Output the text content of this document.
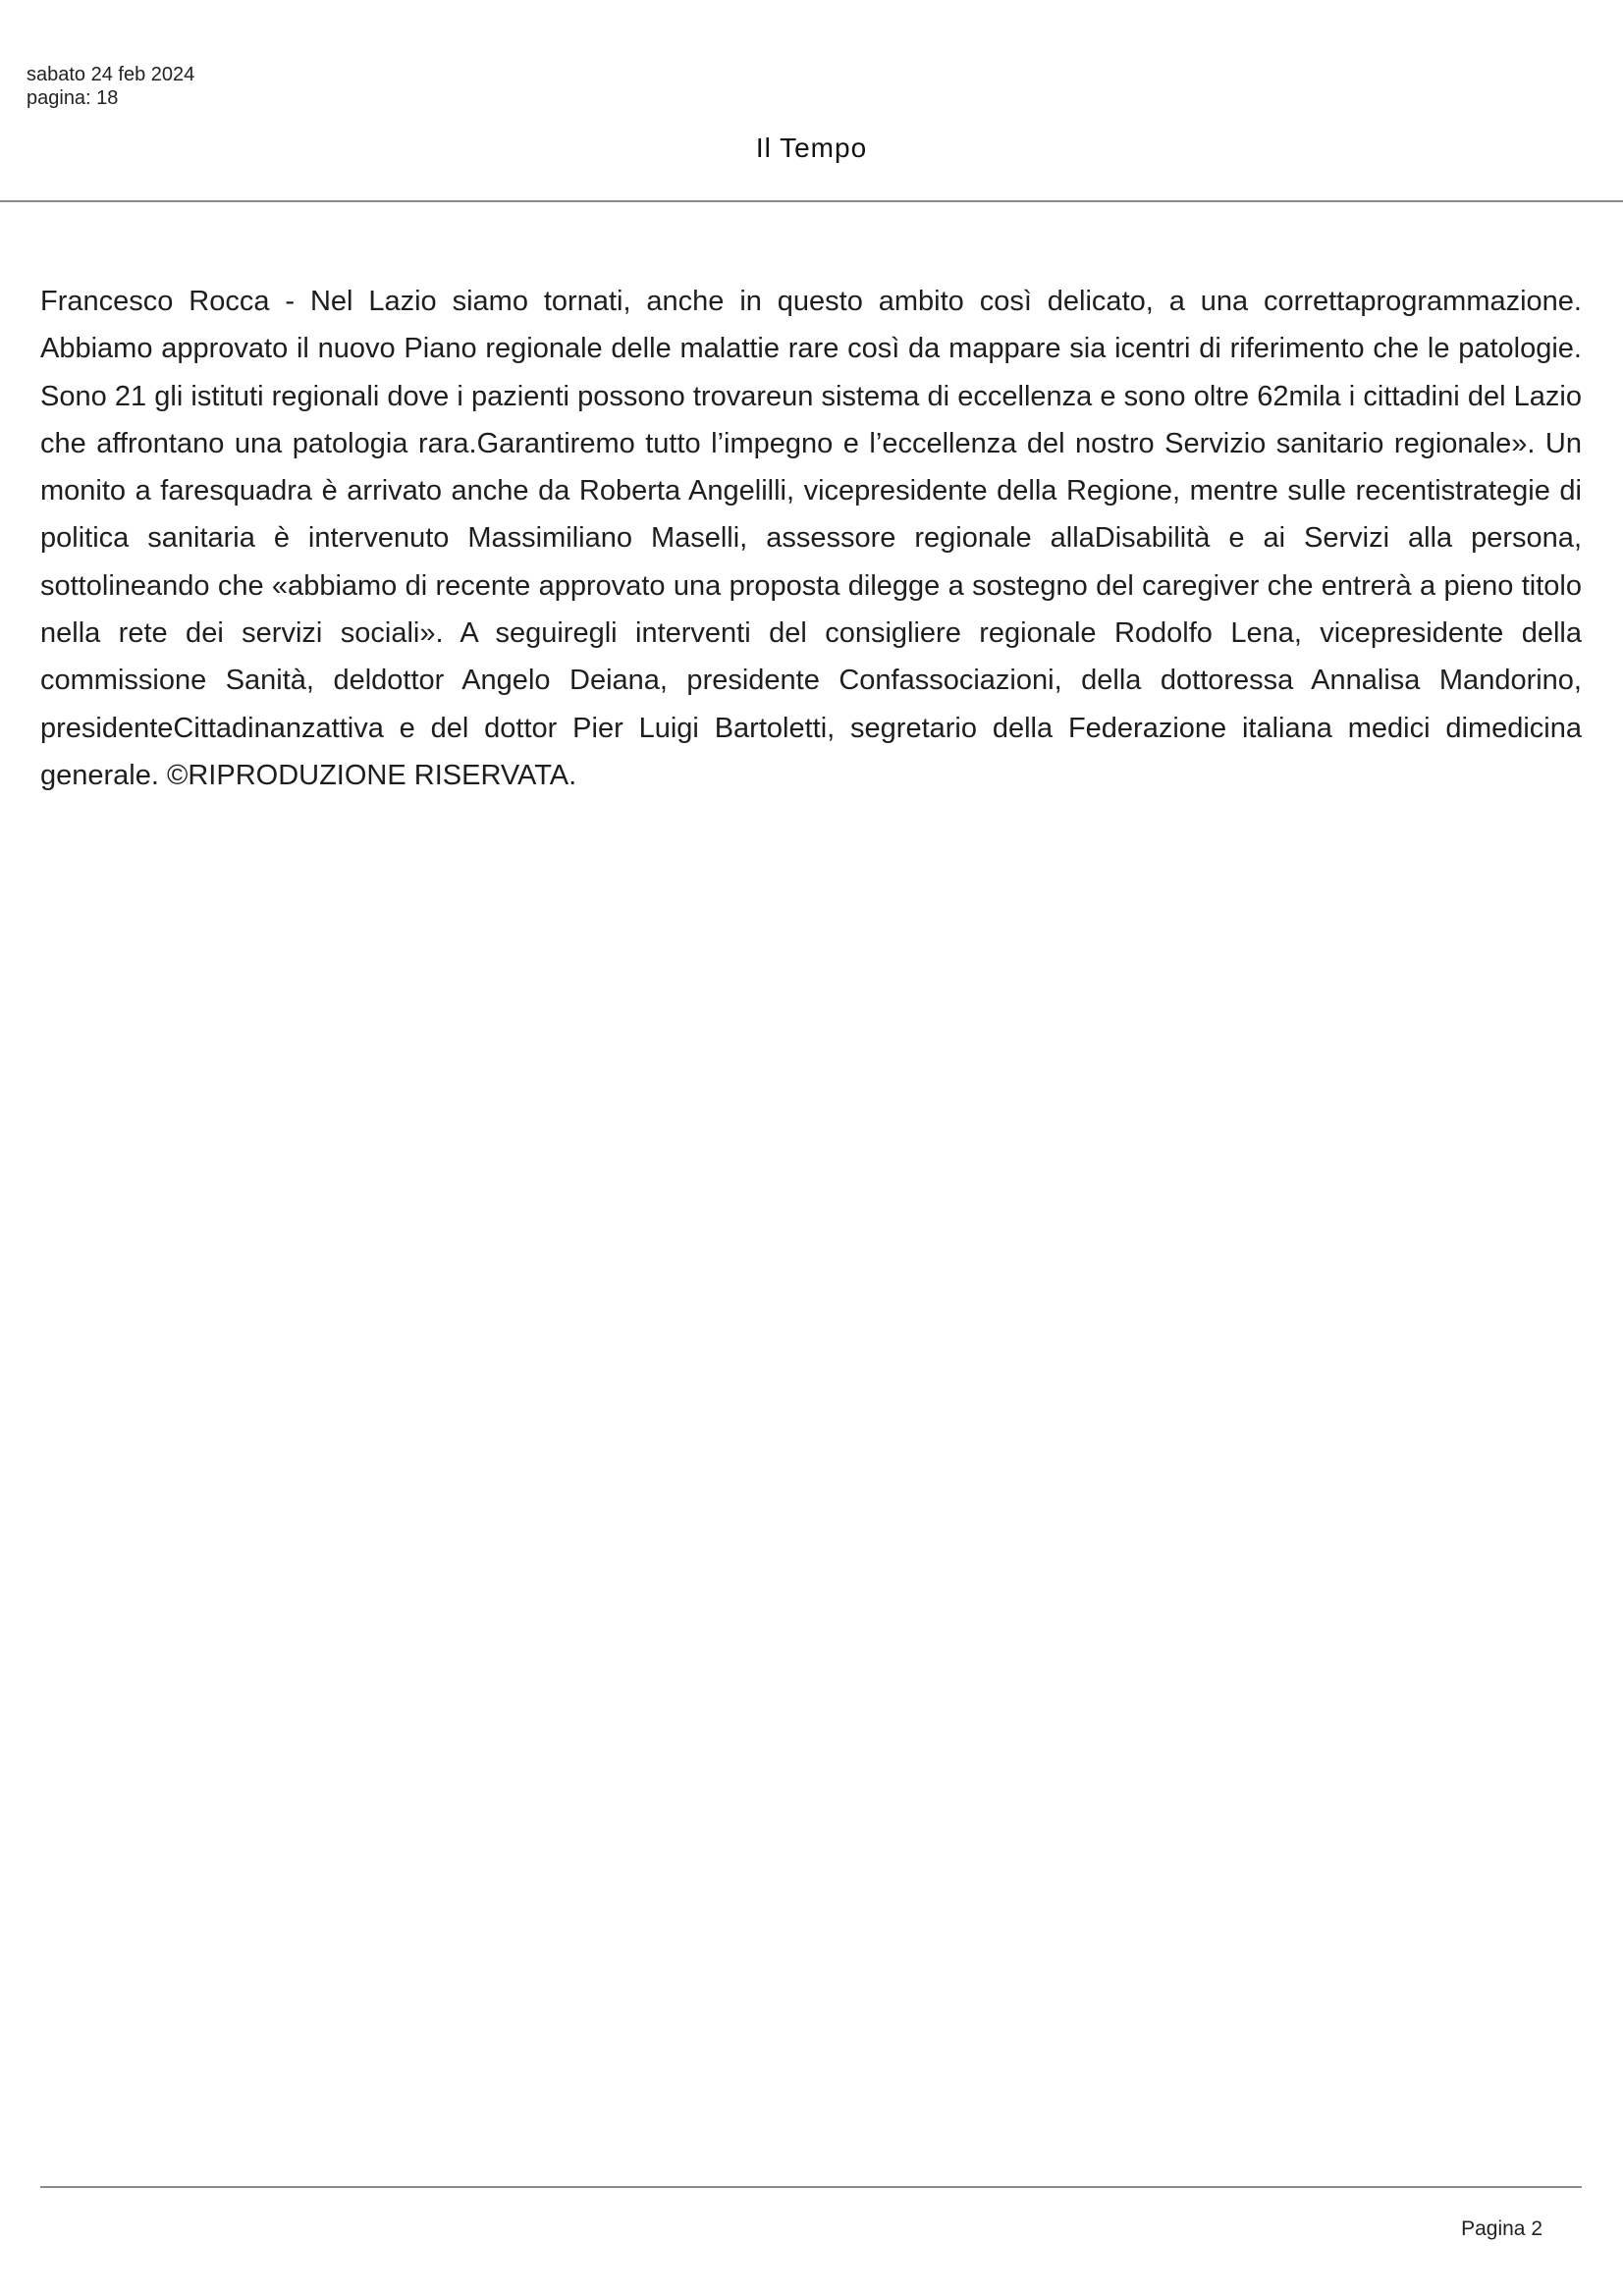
sabato 24 feb 2024
pagina: 18
Il Tempo

Francesco Rocca - Nel Lazio siamo tornati, anche in questo ambito così delicato, a una correttaprogrammazione. Abbiamo approvato il nuovo Piano regionale delle malattie rare così da mappare sia icentri di riferimento che le patologie. Sono 21 gli istituti regionali dove i pazienti possono trovareun sistema di eccellenza e sono oltre 62mila i cittadini del Lazio che affrontano una patologia rara.Garantiremo tutto l’impegno e l’eccellenza del nostro Servizio sanitario regionale». Un monito a faresquadra è arrivato anche da Roberta Angelilli, vicepresidente della Regione, mentre sulle recentistrategie di politica sanitaria è intervenuto Massimiliano Maselli, assessore regionale allaDisabilità e ai Servizi alla persona, sottolineando che «abbiamo di recente approvato una proposta dilegge a sostegno del caregiver che entrerà a pieno titolo nella rete dei servizi sociali». A seguiregli interventi del consigliere regionale Rodolfo Lena, vicepresidente della commissione Sanità, deldottor Angelo Deiana, presidente Confassociazioni, della dottoressa Annalisa Mandorino, presidenteCittadinanzattiva e del dottor Pier Luigi Bartoletti, segretario della Federazione italiana medici dimedicina generale. ©RIPRODUZIONE RISERVATA.

Pagina 2
